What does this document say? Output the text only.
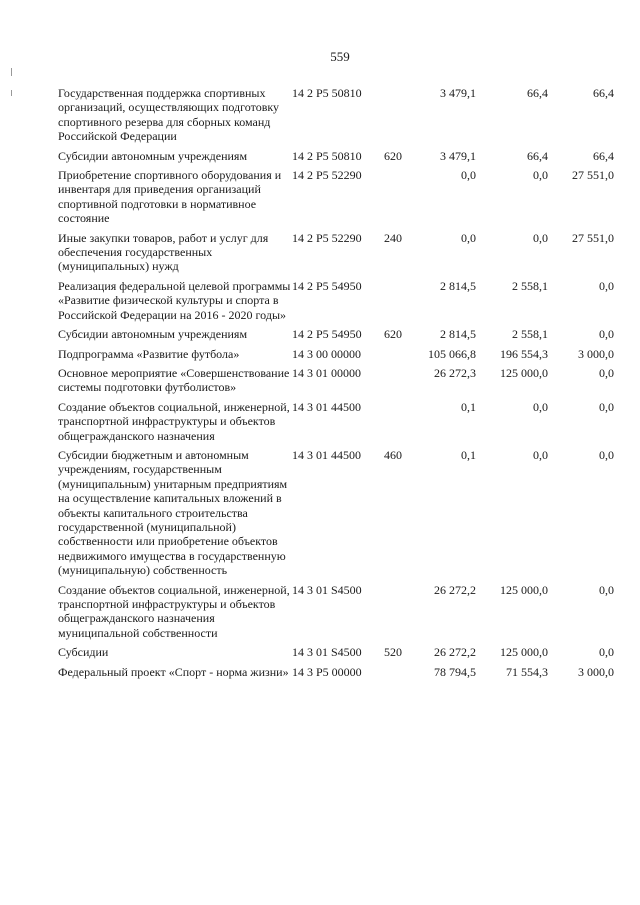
559
Государственная поддержка спортивных организаций, осуществляющих подготовку спортивного резерва для сборных команд Российской Федерации	14 2 P5 50810		3 479,1	66,4	66,4
Субсидии автономным учреждениям	14 2 P5 50810	620	3 479,1	66,4	66,4
Приобретение спортивного оборудования и инвентаря для приведения организаций спортивной подготовки в нормативное состояние	14 2 P5 52290		0,0	0,0	27 551,0
Иные закупки товаров, работ и услуг для обеспечения государственных (муниципальных) нужд	14 2 P5 52290	240	0,0	0,0	27 551,0
Реализация федеральной целевой программы «Развитие физической культуры и спорта в Российской Федерации на 2016 - 2020 годы»	14 2 P5 54950		2 814,5	2 558,1	0,0
Субсидии автономным учреждениям	14 2 P5 54950	620	2 814,5	2 558,1	0,0
Подпрограмма «Развитие футбола»	14 3 00 00000		105 066,8	196 554,3	3 000,0
Основное мероприятие «Совершенствование системы подготовки футболистов»	14 3 01 00000		26 272,3	125 000,0	0,0
Создание объектов социальной, инженерной, транспортной инфраструктуры и объектов общегражданского назначения	14 3 01 44500		0,1	0,0	0,0
Субсидии бюджетным и автономным учреждениям, государственным (муниципальным) унитарным предприятиям на осуществление капитальных вложений в объекты капитального строительства государственной (муниципальной) собственности или приобретение объектов недвижимого имущества в государственную (муниципальную) собственность	14 3 01 44500	460	0,1	0,0	0,0
Создание объектов социальной, инженерной, транспортной инфраструктуры и объектов общегражданского назначения муниципальной собственности	14 3 01 S4500		26 272,2	125 000,0	0,0
Субсидии	14 3 01 S4500	520	26 272,2	125 000,0	0,0
Федеральный проект «Спорт - норма жизни»	14 3 P5 00000		78 794,5	71 554,3	3 000,0
